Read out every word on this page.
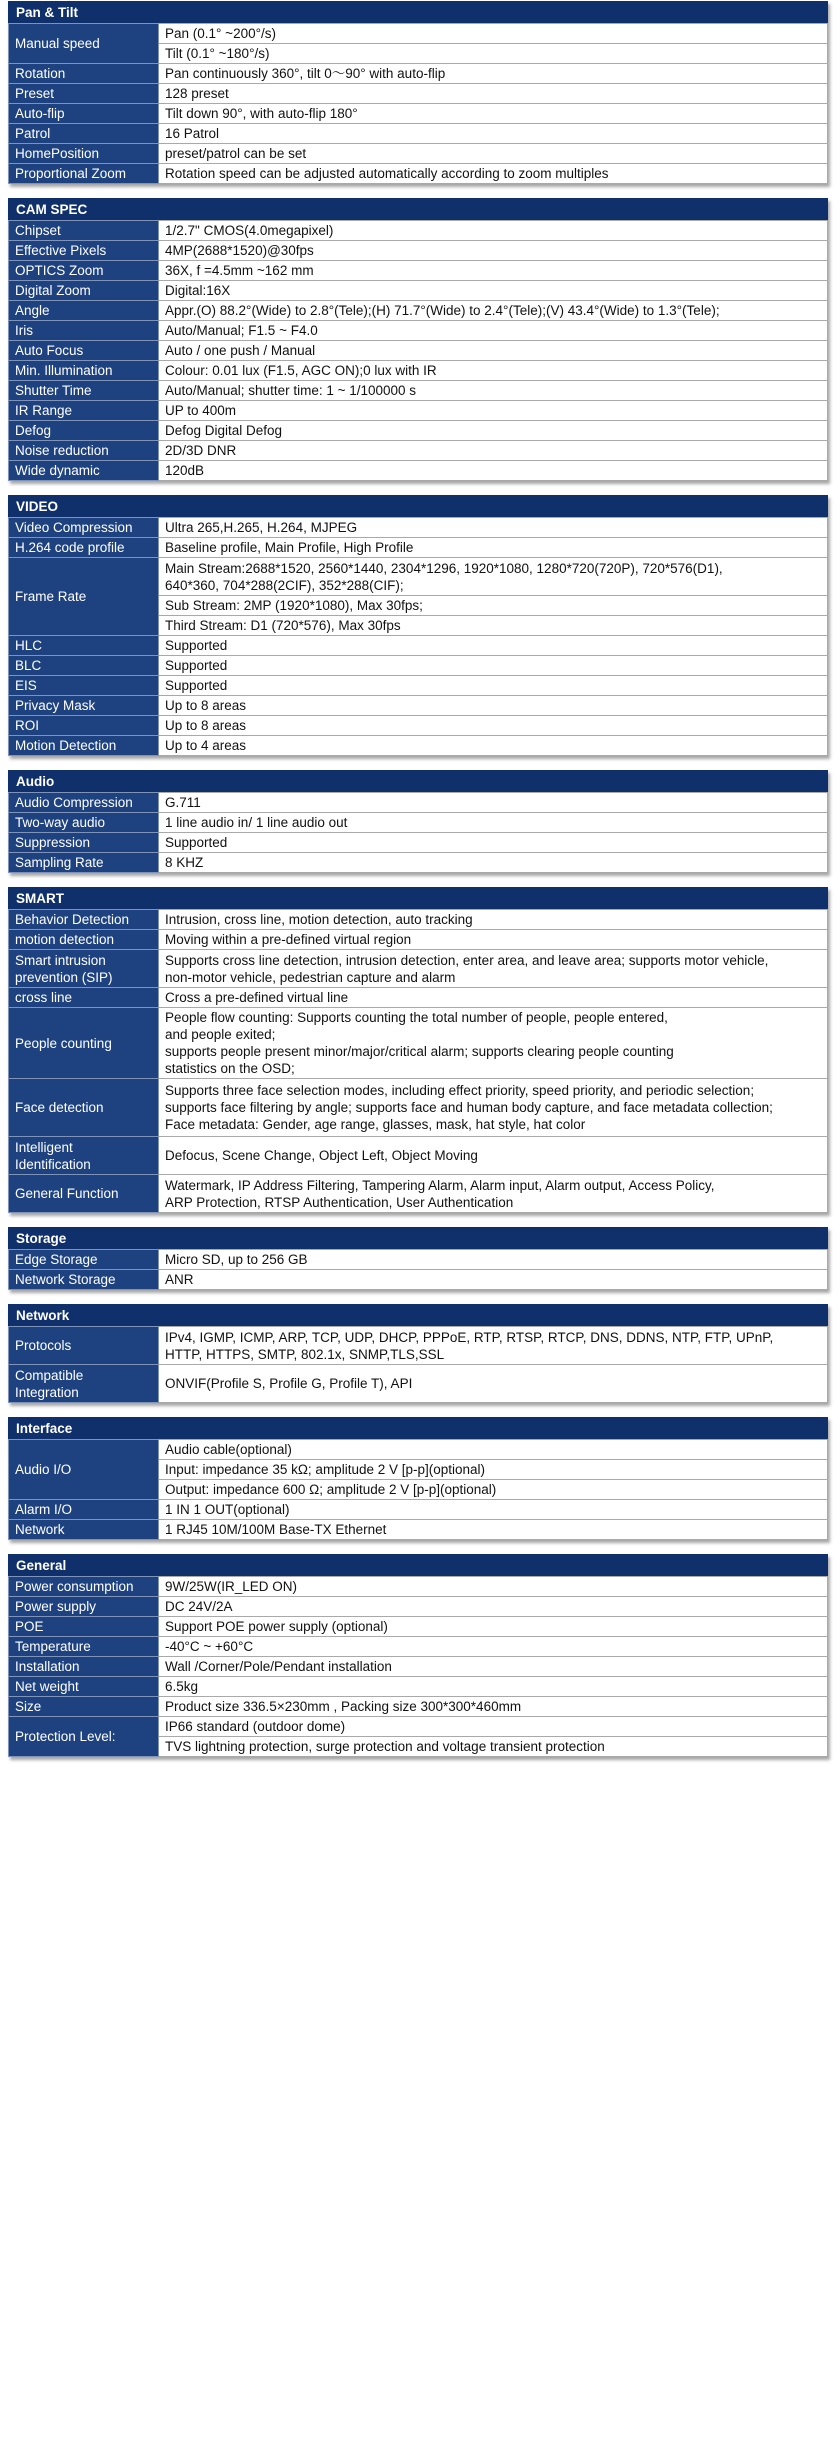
Pan & Tilt
Manual speed	Pan (0.1° ~200°/s)
	Tilt (0.1° ~180°/s)
Rotation	Pan continuously 360°, tilt 0～90° with auto-flip
Preset	128 preset
Auto-flip	Tilt down 90°, with auto-flip 180°
Patrol	16 Patrol
HomePosition	preset/patrol can be set
Proportional Zoom	Rotation speed can be adjusted automatically according to zoom multiples
CAM SPEC
Chipset	1/2.7" CMOS(4.0megapixel)
Effective Pixels	4MP(2688*1520)@30fps
OPTICS Zoom	36X, f =4.5mm ~162 mm
Digital Zoom	Digital:16X
Angle	Appr.(O) 88.2°(Wide) to 2.8°(Tele);(H) 71.7°(Wide) to 2.4°(Tele);(V) 43.4°(Wide) to 1.3°(Tele);
Iris	Auto/Manual; F1.5 ~ F4.0
Auto Focus	Auto / one push / Manual
Min. Illumination	Colour: 0.01 lux (F1.5, AGC ON);0 lux with IR
Shutter Time	Auto/Manual; shutter time: 1 ~ 1/100000 s
IR Range	UP to 400m
Defog	Defog Digital Defog
Noise reduction	2D/3D DNR
Wide dynamic	120dB
VIDEO
Video Compression	Ultra 265,H.265, H.264, MJPEG
H.264 code profile	Baseline profile, Main Profile, High Profile
Frame Rate	Main Stream:2688*1520, 2560*1440, 2304*1296, 1920*1080, 1280*720(720P), 720*576(D1),
640*360, 704*288(2CIF), 352*288(CIF);
	Sub Stream: 2MP (1920*1080), Max 30fps;
	Third Stream: D1 (720*576), Max 30fps
HLC	Supported
BLC	Supported
EIS	Supported
Privacy Mask	Up to 8 areas
ROI	Up to 8 areas
Motion Detection	Up to 4 areas
Audio
Audio Compression	G.711
Two-way audio	1 line audio in/ 1 line audio out
Suppression	Supported
Sampling Rate	8 KHZ
SMART
Behavior Detection	Intrusion, cross line, motion detection, auto tracking
motion detection	Moving within a pre-defined virtual region
Smart intrusion
prevention (SIP)	Supports cross line detection, intrusion detection, enter area, and leave area; supports motor vehicle,
non-motor vehicle, pedestrian capture and alarm
cross line	Cross a pre-defined virtual line
People counting	People flow counting: Supports counting the total number of people, people entered,
and people exited;
supports people present minor/major/critical alarm; supports clearing people counting
statistics on the OSD;
Face detection	Supports three face selection modes, including effect priority, speed priority, and periodic selection;
supports face filtering by angle; supports face and human body capture, and face metadata collection;
Face metadata: Gender, age range, glasses, mask, hat style, hat color
Intelligent
Identification	Defocus, Scene Change, Object Left, Object Moving
General Function	Watermark, IP Address Filtering, Tampering Alarm, Alarm input, Alarm output, Access Policy,
ARP Protection, RTSP Authentication, User Authentication
Storage
Edge Storage	Micro SD, up to 256 GB
Network Storage	ANR
Network
Protocols	IPv4, IGMP, ICMP, ARP, TCP, UDP, DHCP, PPPoE, RTP, RTSP, RTCP, DNS, DDNS, NTP, FTP, UPnP,
HTTP, HTTPS, SMTP, 802.1x, SNMP,TLS,SSL
Compatible
Integration	ONVIF(Profile S, Profile G, Profile T), API
Interface
Audio I/O	Audio cable(optional)
	Input: impedance 35 kΩ; amplitude 2 V [p-p](optional)
	Output: impedance 600 Ω; amplitude 2 V [p-p](optional)
Alarm I/O	1 IN 1 OUT(optional)
Network	1 RJ45 10M/100M Base-TX Ethernet
General
Power consumption	9W/25W(IR_LED ON)
Power supply	DC 24V/2A
POE	Support POE power supply (optional)
Temperature	-40°C ~ +60°C
Installation	Wall /Corner/Pole/Pendant installation
Net weight	6.5kg
Size	Product size 336.5×230mm , Packing size 300*300*460mm
Protection Level:	IP66 standard (outdoor dome)
	TVS lightning protection, surge protection and voltage transient protection
